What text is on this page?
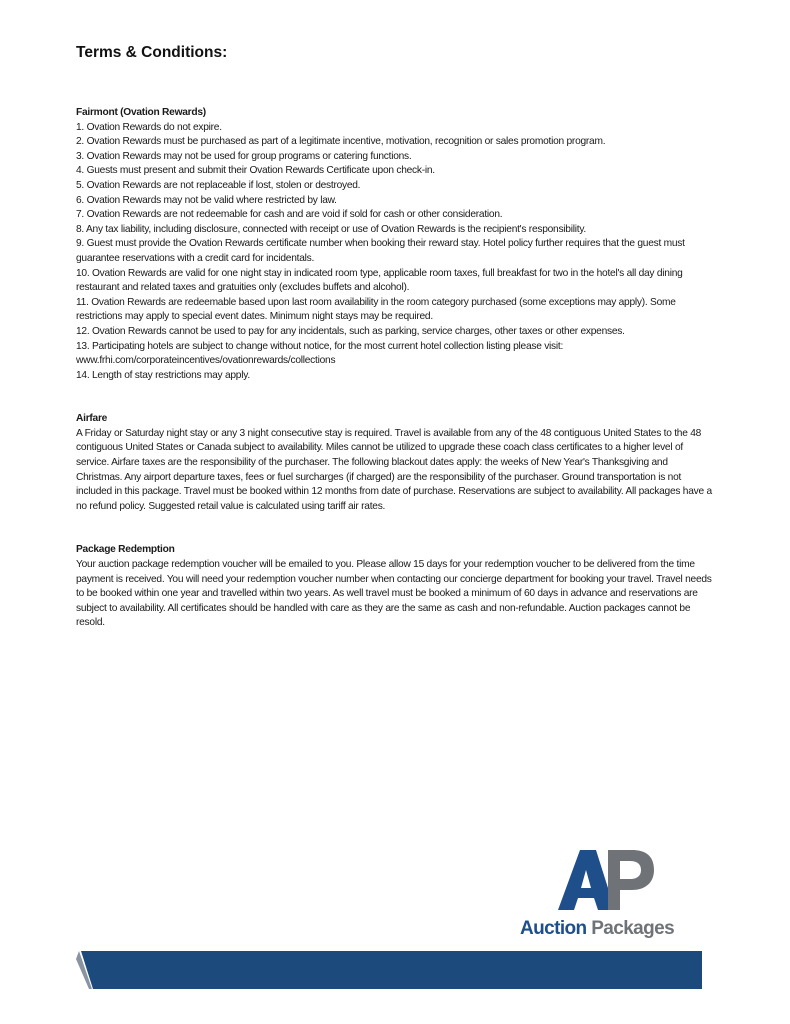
Terms & Conditions:

Fairmont (Ovation Rewards)

1. Ovation Rewards do not expire.
2. Ovation Rewards must be purchased as part of a legitimate incentive, motivation, recognition or sales promotion program.
3. Ovation Rewards may not be used for group programs or catering functions.
4. Guests must present and submit their Ovation Rewards Certificate upon check-in.
5. Ovation Rewards are not replaceable if lost, stolen or destroyed.
6. Ovation Rewards may not be valid where restricted by law.
7. Ovation Rewards are not redeemable for cash and are void if sold for cash or other consideration.
8. Any tax liability, including disclosure, connected with receipt or use of Ovation Rewards is the recipient's responsibility.
9. Guest must provide the Ovation Rewards certificate number when booking their reward stay. Hotel policy further requires that the guest must guarantee reservations with a credit card for incidentals.
10. Ovation Rewards are valid for one night stay in indicated room type, applicable room taxes, full breakfast for two in the hotel's all day dining restaurant and related taxes and gratuities only (excludes buffets and alcohol).
11. Ovation Rewards are redeemable based upon last room availability in the room category purchased (some exceptions may apply). Some restrictions may apply to special event dates. Minimum night stays may be required.
12. Ovation Rewards cannot be used to pay for any incidentals, such as parking, service charges, other taxes or other expenses.
13. Participating hotels are subject to change without notice, for the most current hotel collection listing please visit: www.frhi.com/corporateincentives/ovationrewards/collections
14. Length of stay restrictions may apply.

Airfare

A Friday or Saturday night stay or any 3 night consecutive stay is required. Travel is available from any of the 48 contiguous United States to the 48 contiguous United States or Canada subject to availability. Miles cannot be utilized to upgrade these coach class certificates to a higher level of service. Airfare taxes are the responsibility of the purchaser. The following blackout dates apply: the weeks of New Year's Thanksgiving and Christmas. Any airport departure taxes, fees or fuel surcharges (if charged) are the responsibility of the purchaser. Ground transportation is not included in this package. Travel must be booked within 12 months from date of purchase. Reservations are subject to availability. All packages have a no refund policy. Suggested retail value is calculated using tariff air rates.

Package Redemption

Your auction package redemption voucher will be emailed to you. Please allow 15 days for your redemption voucher to be delivered from the time payment is received. You will need your redemption voucher number when contacting our concierge department for booking your travel. Travel needs to be booked within one year and travelled within two years. As well travel must be booked a minimum of 60 days in advance and reservations are subject to availability. All certificates should be handled with care as they are the same as cash and non-refundable. Auction packages cannot be resold.

Auction Packages
